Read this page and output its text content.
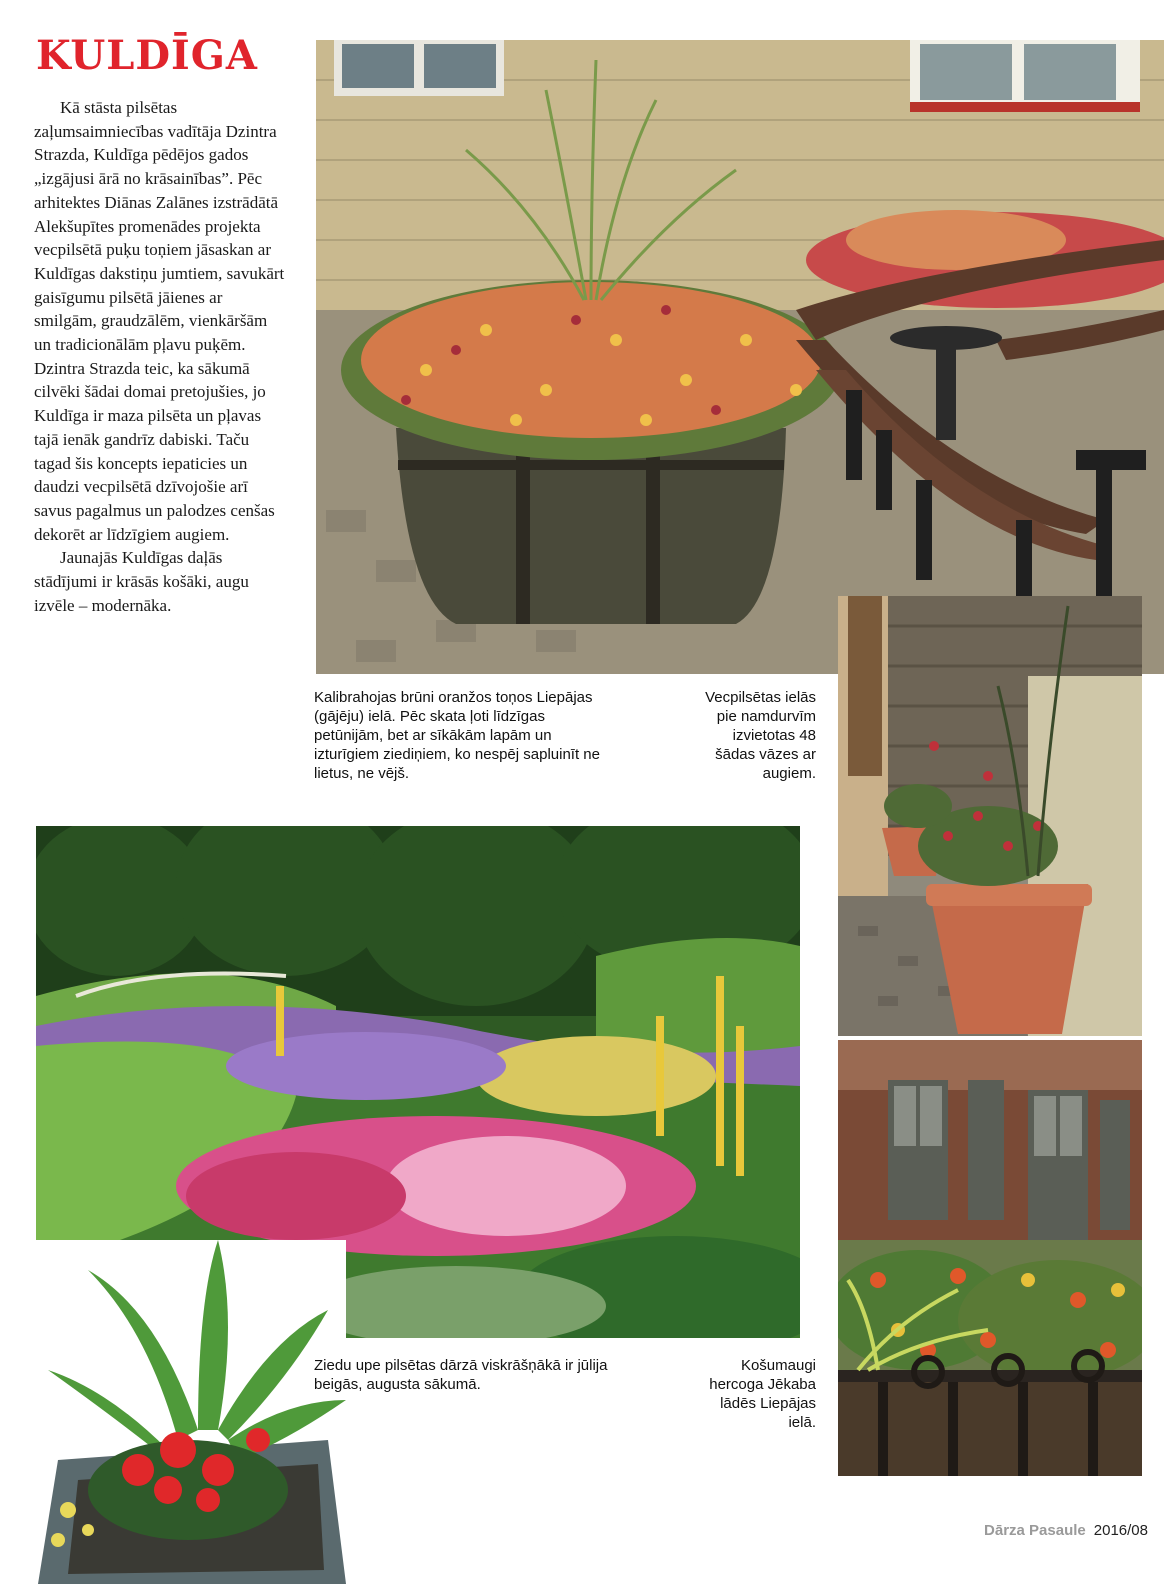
KULDĪGA

Kā stāsta pilsētas zaļumsaimniecības vadītāja Dzintra Strazda, Kuldīga pēdējos gados „izgājusi ārā no krāsainības”. Pēc arhitektes Diānas Zalānes izstrādātā Alekšupītes promenādes projekta vecpilsētā puķu toņiem jāsaskan ar Kuldīgas dakstiņu jumtiem, savukārt gaisīgumu pilsētā jāienes ar smilgām, graudzālēm, vienkāršām un tradicionālām pļavu puķēm. Dzintra Strazda teic, ka sākumā cilvēki šādai domai pretojušies, jo Kuldīga ir maza pilsēta un pļavas tajā ienāk gandrīz dabiski. Taču tagad šis koncepts iepaticies un daudzi vecpilsētā dzīvojošie arī savus pagalmus un palodzes cenšas dekorēt ar līdzīgiem augiem.

Jaunajās Kuldīgas daļās stādījumi ir krāsās košāki, augu izvēle – modernāka.

Kalibrahojas brūni oranžos toņos Liepājas (gājēju) ielā. Pēc skata ļoti līdzīgas petūnijām, bet ar sīkākām lapām un izturīgiem ziediņiem, ko nespēj sapluinīt ne lietus, ne vējš.

Vecpilsētas ielās pie namdurvīm izvietotas 48 šādas vāzes ar augiem.

Ziedu upe pilsētas dārzā viskrāšņākā ir jūlija beigās, augusta sākumā.

Košumaugi hercoga Jēkaba lādēs Liepājas ielā.

Dārza Pasaule 2016/08
